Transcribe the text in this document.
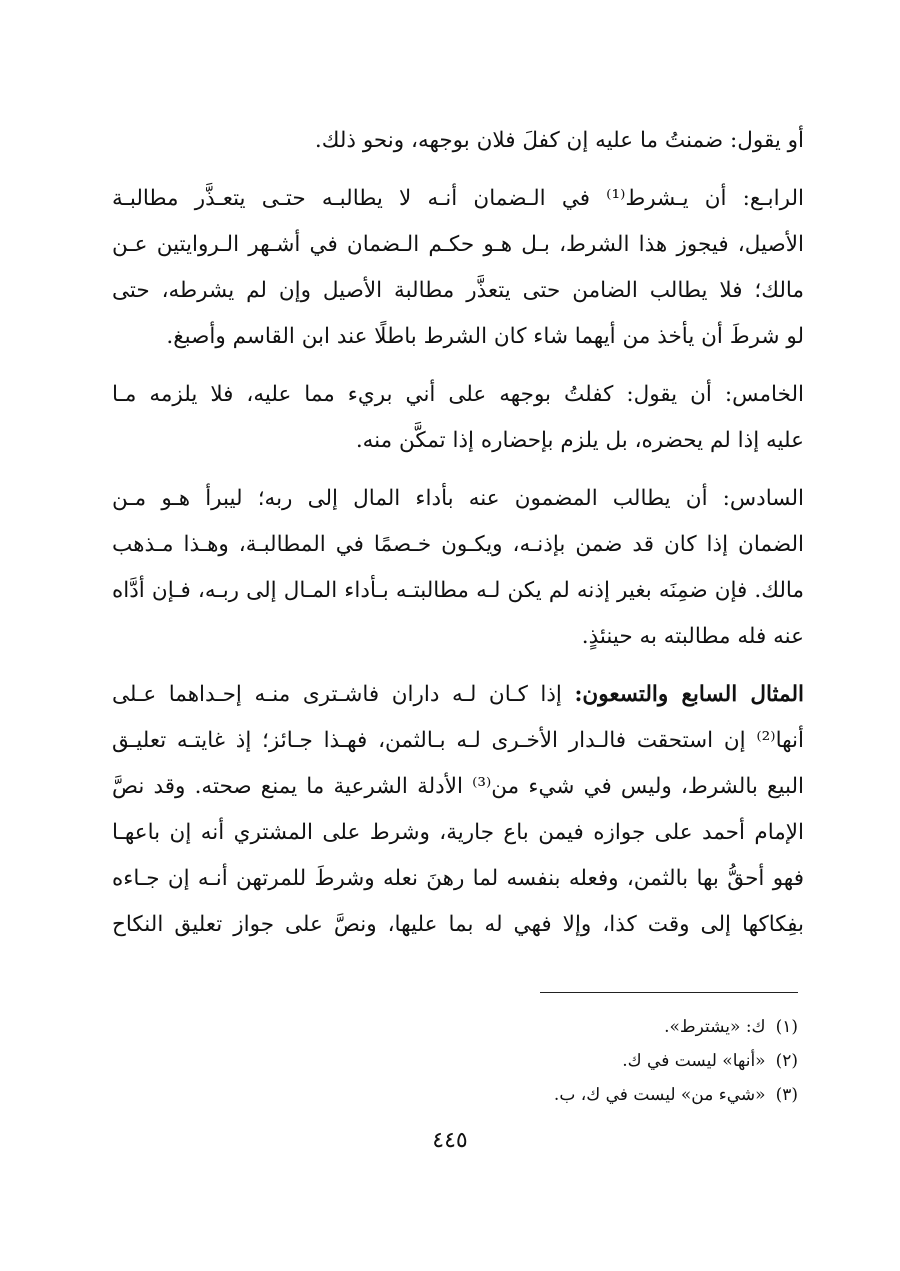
أو يقول: ضمنتُ ما عليه إن كفلَ فلان بوجهه، ونحو ذلك.
الرابـع: أن يـشرط⁽¹⁾ في الـضمان أنـه لا يطالبـه حتـى يتعـذَّر مطالبـة
الأصيل، فيجوز هذا الشرط، بـل هـو حكـم الـضمان في أشـهر الـروايتين عـن
مالك؛ فلا يطالب الضامن حتى يتعذَّر مطالبة الأصيل وإن لم يشرطه، حتى
لو شرطَ أن يأخذ من أيهما شاء كان الشرط باطلًا عند ابن القاسم وأصبغ.
الخامس: أن يقول: كفلتُ بوجهه على أني بريء مما عليه، فلا يلزمه مـا
عليه إذا لم يحضره، بل يلزم بإحضاره إذا تمكَّن منه.
السادس: أن يطالب المضمون عنه بأداء المال إلى ربه؛ ليبرأ هـو مـن
الضمان إذا كان قد ضمن بإذنـه، ويكـون خـصمًا في المطالبـة، وهـذا مـذهب
مالك. فإن ضمِنَه بغير إذنه لم يكن لـه مطالبتـه بـأداء المـال إلى ربـه، فـإن أدَّاه
عنه فله مطالبته به حينئذٍ.
المثال السابع والتسعون: إذا كـان لـه داران فاشـترى منـه إحـداهما عـلى
أنها⁽²⁾ إن استحقت فالـدار الأخـرى لـه بـالثمن، فهـذا جـائز؛ إذ غايتـه تعليـق
البيع بالشرط، وليس في شيء من⁽³⁾ الأدلة الشرعية ما يمنع صحته. وقد نصَّ
الإمام أحمد على جوازه فيمن باع جارية، وشرط على المشتري أنه إن باعهـا
فهو أحقُّ بها بالثمن، وفعله بنفسه لما رهنَ نعله وشرطَ للمرتهن أنـه إن جـاءه
بفِكاكها إلى وقت كذا، وإلا فهي له بما عليها، ونصَّ على جواز تعليق النكاح
(١)ك: «يشترط».
(٢)«أنها» ليست في ك.
(٣)«شيء من» ليست في ك، ب.
٤٤٥
